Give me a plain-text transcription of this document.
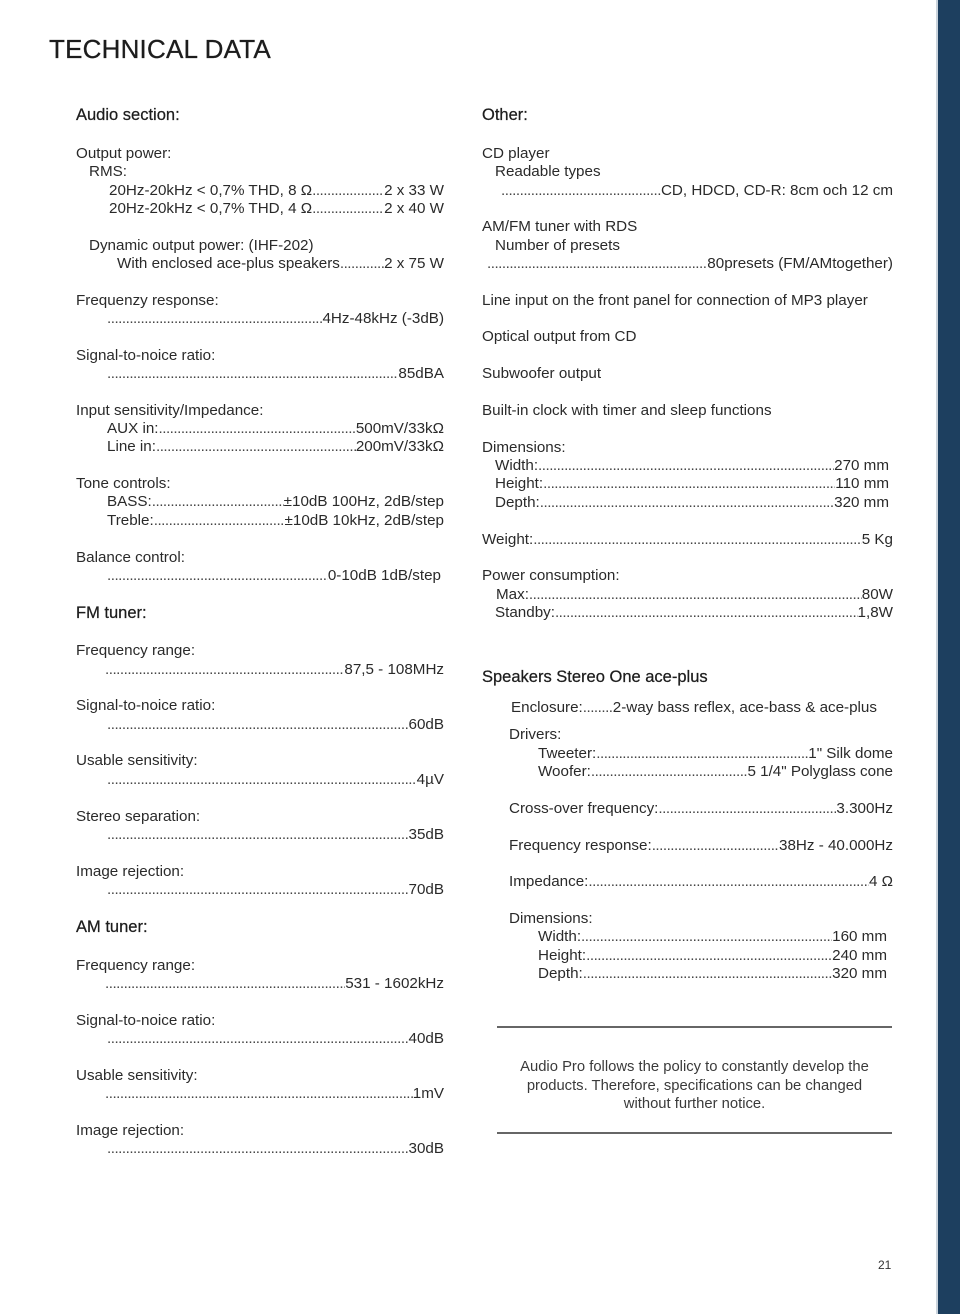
TECHNICAL DATA
Audio section:
Output power:
RMS:
20Hz-20kHz < 0,7% THD, 8 Ω .....	2 x 33 W
20Hz-20kHz < 0,7% THD, 4 Ω .....	2 x 40 W
Dynamic output power: (IHF-202)
With enclosed ace-plus speakers .....	2 x 75 W
Frequenzy response:
.....
4Hz-48kHz (-3dB)
Signal-to-noice ratio:
.....
85dBA
Input sensitivity/Impedance:
AUX in: .....	500mV/33kΩ
Line in: .....	200mV/33kΩ
Tone controls:
BASS: .....	±10dB 100Hz, 2dB/step
Treble: .....	±10dB 10kHz, 2dB/step
Balance control:
.....
0-10dB 1dB/step
FM tuner:
Frequency range:
.....
87,5 - 108MHz
Signal-to-noice ratio:
.....
60dB
Usable sensitivity:
.....
4µV
Stereo separation:
.....
35dB
Image rejection:
.....
70dB
AM tuner:
Frequency range:
.....
531 - 1602kHz
Signal-to-noice ratio:
.....
40dB
Usable sensitivity:
.....
1mV
Image rejection:
.....
30dB
Other:
CD player
Readable types
.....
CD, HDCD, CD-R: 8cm och 12 cm
AM/FM tuner with RDS
Number of presets
.....
80presets (FM/AMtogether)
Line input on the front panel for connection of MP3 player
Optical output from CD
Subwoofer output
Built-in clock with timer and sleep functions
Dimensions:
Width: .....	270 mm
Height: .....	110 mm
Depth: .....	320 mm
Weight: .....	5 Kg
Power consumption:
Max: .....	80W
Standby: .....	1,8W
Speakers Stereo One ace-plus
Enclosure: ..... 2-way bass reflex, ace-bass & ace-plus
Drivers:
Tweeter: .....	1" Silk dome
Woofer: .....	5 1/4" Polyglass cone
Cross-over frequency: .....	3.300Hz
Frequency response: .....	38Hz - 40.000Hz
Impedance: .....	4 Ω
Dimensions:
Width: .....	160 mm
Height: .....	240 mm
Depth: .....	320 mm
Audio Pro follows the policy to constantly develop the
products. Therefore, specifications can be changed
without further notice.
21
